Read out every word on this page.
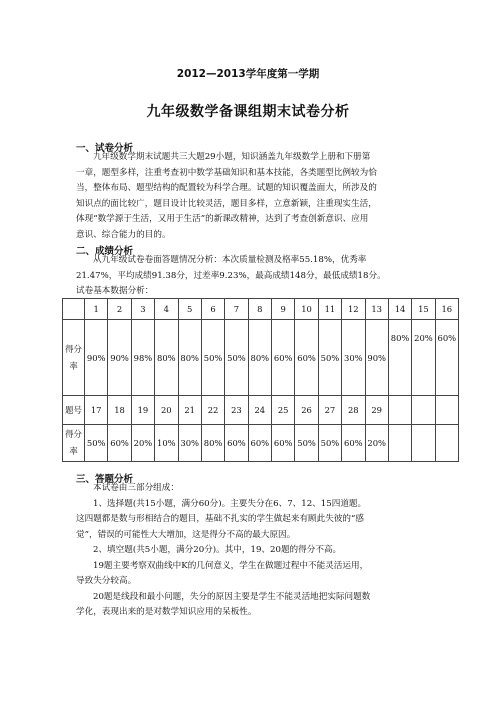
2012—2013学年度第一学期
九年级数学备课组期末试卷分析
一、试卷分析
九年级数学期末试题共三大题29小题，知识涵盖九年级数学上册和下册第
一章，题型多样，注重考查初中数学基础知识和基本技能，各类题型比例较为恰
当，整体布局、题型结构的配置较为科学合理。试题的知识覆盖面大，所涉及的
知识点的面比较广，题目设计比较灵活，题目多样，立意新颖，注重现实生活，
体现“数学源于生活，又用于生活”的新课改精神，达到了考查创新意识、应用
意识、综合能力的目的。
二、成绩分析
从九年级试卷卷面答题情况分析：本次质量检测及格率55.18%，优秀率
21.47%，平均成绩91.38分，过差率9.23%，最高成绩148分，最低成绩18分。
试卷基本数据分析：
	1	2	3	4	5	6	7	8	9	10	11	12	13	14	15	16
得分率	90%	90%	98%	80%	80%	50%	50%	80%	60%	60%	50%	30%	90%	80%	20%	60%
题号	17	18	19	20	21	22	23	24	25	26	27	28	29			
得分率	50%	60%	20%	10%	30%	80%	60%	60%	60%	50%	50%	60%	20%			
三、答题分析
本试卷由三部分组成：
1、选择题(共15小题，满分60分)。主要失分在6、7、12、15四道题。
这四题都是数与形相结合的题目，基础不扎实的学生做起来有顾此失彼的“感
觉”，错误的可能性大大增加，这是得分不高的最大原因。
2、填空题(共5小题，满分20分)。其中，19、20题的得分不高。
19题主要考察双曲线中K的几何意义，学生在做题过程中不能灵活运用，
导致失分较高。
20题是线段和最小问题，失分的原因主要是学生不能灵活地把实际问题数
学化，表现出来的是对数学知识应用的呆板性。
